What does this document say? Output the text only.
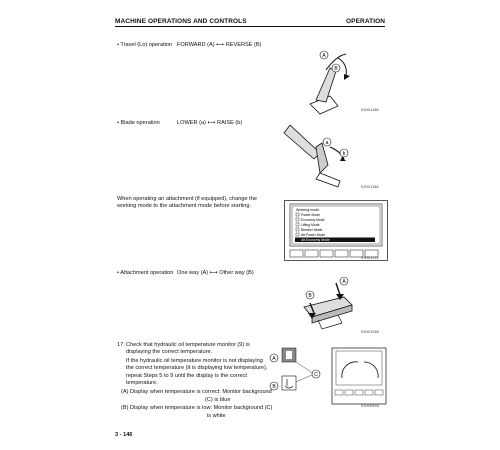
MACHINE OPERATIONS AND CONTROLS	OPERATION
• Travel (Lo) operation FORWARD (A) ⟷ REVERSE (B)
A
B
9JH01186
• Blade operation	LOWER (a) ⟷ RAISE (b)
a
b
9JH01188
When operating an attachment (if equipped), change the working mode to the attachment mode before starting.
Working mode
Power Mode
Economy Mode
Lifting Mode
Breaker Mode
Att.Power Mode
Att.Economy Mode
9JH01221
• Attachment operation One way (A) ⟷ Other way (B)
A
B
9JH01089
17. Check that hydraulic oil temperature monitor (9) is displaying the correct temperature.
If the hydraulic oil temperature monitor is not displaying the correct temperature (it is displaying low temperature), repeat Steps 5 to 9 until the display is the correct temperature.
(A) Display when temperature is correct: Monitor background
(C) is blue
(B) Display when temperature is low: Monitor background (C)
is white
A
B
C
9JH00846
3 - 146
